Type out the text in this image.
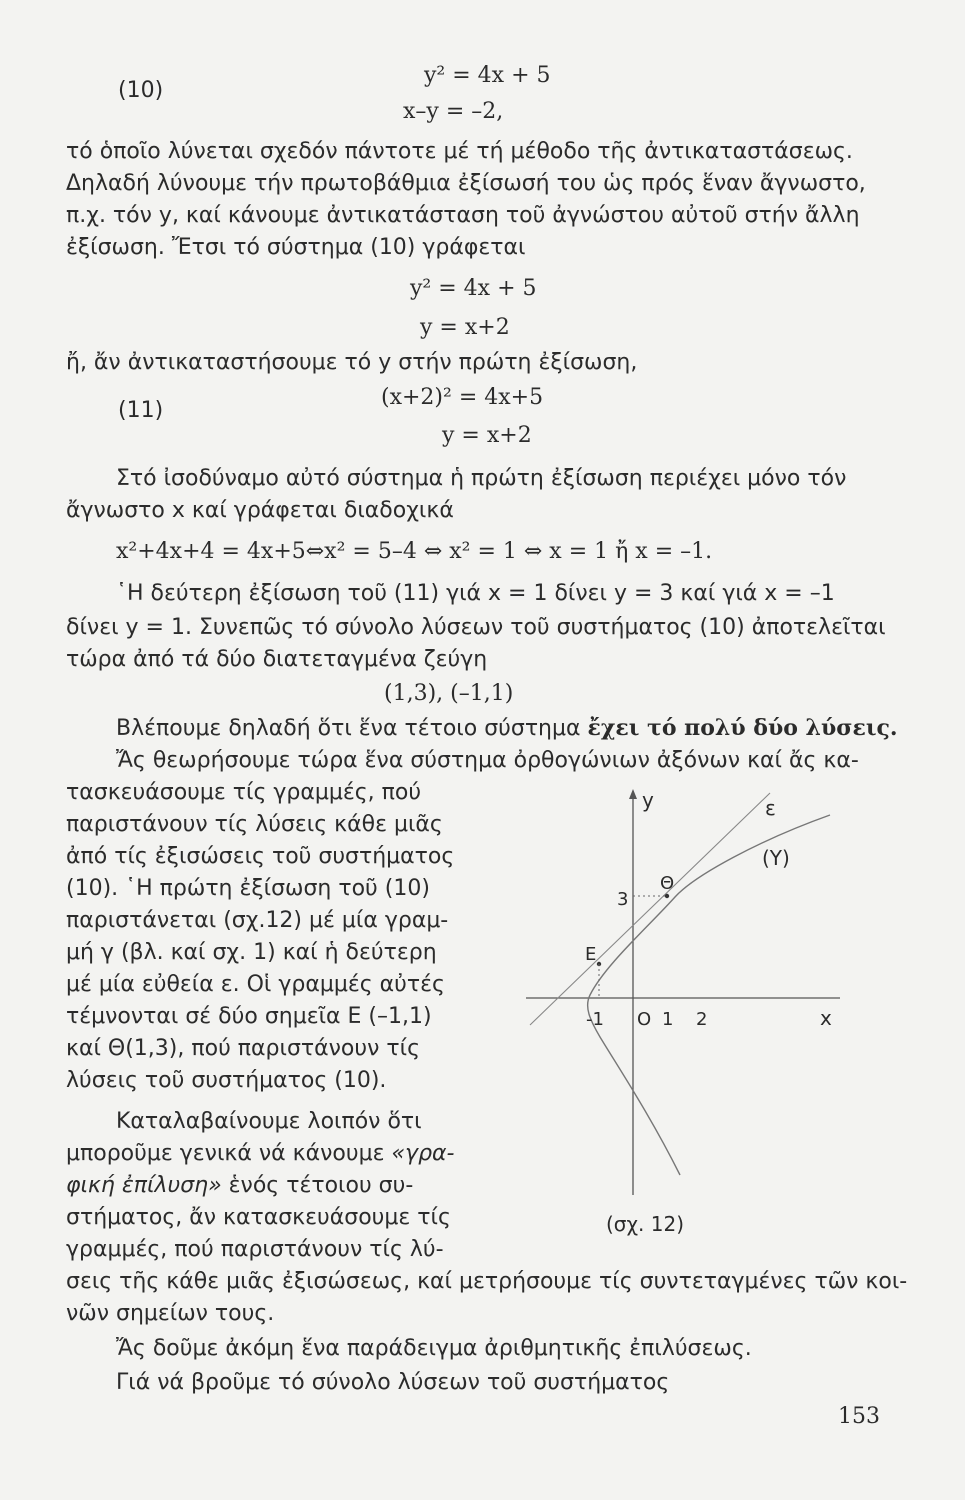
(10)
y² = 4x + 5
x–y = –2,
τό ὁποῖο λύνεται σχεδόν πάντοτε μέ τή μέθοδο τῆς ἀντικαταστάσεως.
Δηλαδή λύνουμε τήν πρωτοβάθμια ἐξίσωσή του ὡς πρός ἕναν ἄγνωστο,
π.χ. τόν y, καί κάνουμε ἀντικατάσταση τοῦ ἀγνώστου αὐτοῦ στήν ἄλλη
ἐξίσωση. Ἔτσι τό σύστημα (10) γράφεται
y² = 4x + 5
y = x+2
ἤ, ἄν ἀντικαταστήσουμε τό y στήν πρώτη ἐξίσωση,
(11)
(x+2)² = 4x+5
y = x+2
Στό ἰσοδύναμο αὐτό σύστημα ἡ πρώτη ἐξίσωση περιέχει μόνο τόν
ἄγνωστο x καί γράφεται διαδοχικά
x²+4x+4 = 4x+5⇔x² = 5–4 ⇔ x² = 1 ⇔ x = 1 ἤ x = –1.
῾Η δεύτερη ἐξίσωση τοῦ (11) γιά x = 1 δίνει y = 3 καί γιά x = –1
δίνει y = 1. Συνεπῶς τό σύνολο λύσεων τοῦ συστήματος (10) ἀποτελεῖται
τώρα ἀπό τά δύο διατεταγμένα ζεύγη
(1,3), (–1,1)
Βλέπουμε δηλαδή ὅτι ἕνα τέτοιο σύστημα ἔχει τό πολύ δύο λύσεις.
Ἄς θεωρήσουμε τώρα ἕνα σύστημα ὀρθογώνιων ἀξόνων καί ἄς κα-
τασκευάσουμε τίς γραμμές, πού
παριστάνουν τίς λύσεις κάθε μιᾶς
ἀπό τίς ἐξισώσεις τοῦ συστήματος
(10). ῾Η πρώτη ἐξίσωση τοῦ (10)
παριστάνεται (σχ.12) μέ μία γραμ-
μή γ (βλ. καί σχ. 1) καί ἡ δεύτερη
μέ μία εὐθεία ε. Οἱ γραμμές αὐτές
τέμνονται σέ δύο σημεῖα Ε (–1,1)
καί Θ(1,3), πού παριστάνουν τίς
λύσεις τοῦ συστήματος (10).
Καταλαβαίνουμε λοιπόν ὅτι
μποροῦμε γενικά νά κάνουμε «γρα-
φική ἐπίλυση» ἑνός τέτοιου συ-
στήματος, ἄν κατασκευάσουμε τίς
γραμμές, πού παριστάνουν τίς λύ-
σεις τῆς κάθε μιᾶς ἐξισώσεως, καί μετρήσουμε τίς συντεταγμένες τῶν κοι-
νῶν σημείων τους.
Ἄς δοῦμε ἀκόμη ἕνα παράδειγμα ἀριθμητικῆς ἐπιλύσεως.
Γιά νά βροῦμε τό σύνολο λύσεων τοῦ συστήματος
y
x
ε
(Υ)
Θ
Ε
3
-1 O 1 2
(σχ. 12)
153
